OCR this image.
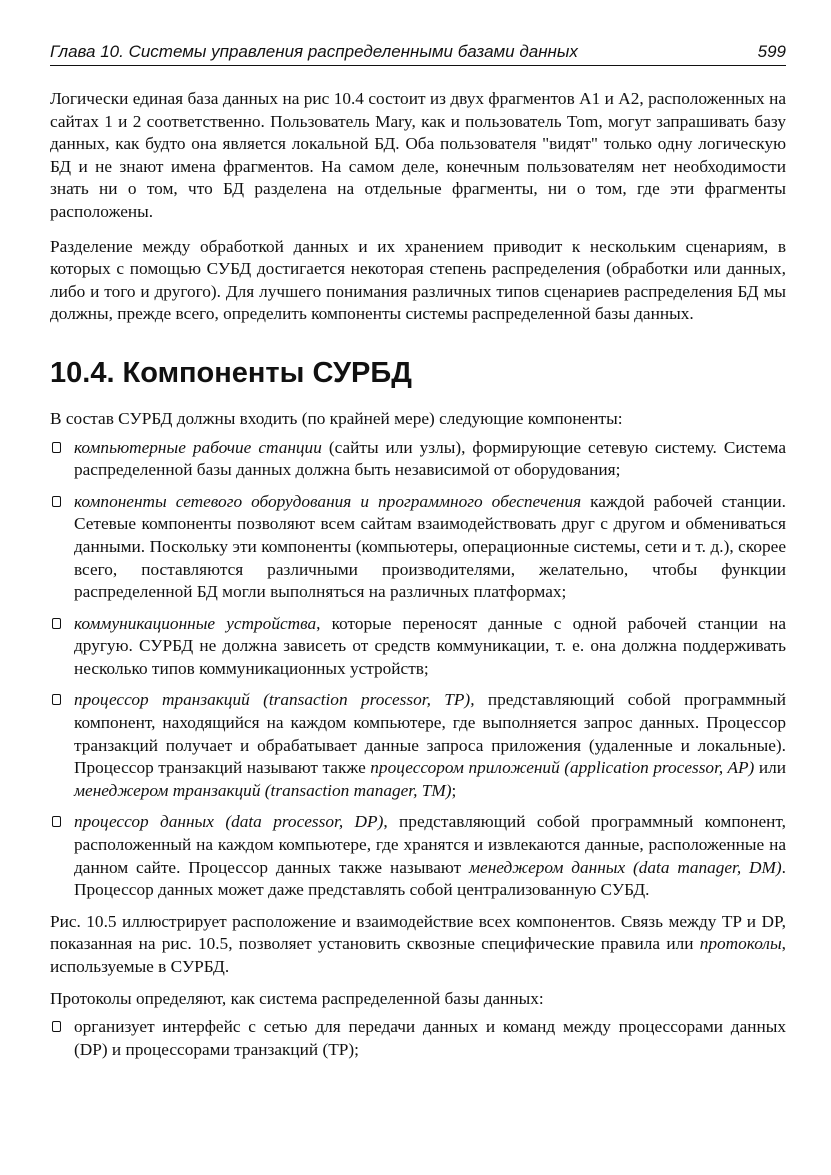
Глава 10. Системы управления распределенными базами данных	599

Логически единая база данных на рис 10.4 состоит из двух фрагментов А1 и А2, расположенных на сайтах 1 и 2 соответственно. Пользователь Mary, как и пользователь Tom, могут запрашивать базу данных, как будто она является локальной БД. Оба пользователя "видят" только одну логическую БД и не знают имена фрагментов. На самом деле, конечным пользователям нет необходимости знать ни о том, что БД разделена на отдельные фрагменты, ни о том, где эти фрагменты расположены.

Разделение между обработкой данных и их хранением приводит к нескольким сценариям, в которых с помощью СУБД достигается некоторая степень распределения (обработки или данных, либо и того и другого). Для лучшего понимания различных типов сценариев распределения БД мы должны, прежде всего, определить компоненты системы распределенной базы данных.

10.4. Компоненты СУРБД

В состав СУРБД должны входить (по крайней мере) следующие компоненты:

компьютерные рабочие станции (сайты или узлы), формирующие сетевую систему. Система распределенной базы данных должна быть независимой от оборудования;
компоненты сетевого оборудования и программного обеспечения каждой рабочей станции. Сетевые компоненты позволяют всем сайтам взаимодействовать друг с другом и обмениваться данными. Поскольку эти компоненты (компьютеры, операционные системы, сети и т. д.), скорее всего, поставляются различными производителями, желательно, чтобы функции распределенной БД могли выполняться на различных платформах;
коммуникационные устройства, которые переносят данные с одной рабочей станции на другую. СУРБД не должна зависеть от средств коммуникации, т. е. она должна поддерживать несколько типов коммуникационных устройств;
процессор транзакций (transaction processor, TP), представляющий собой программный компонент, находящийся на каждом компьютере, где выполняется запрос данных. Процессор транзакций получает и обрабатывает данные запроса приложения (удаленные и локальные). Процессор транзакций называют также процессором приложений (application processor, AP) или менеджером транзакций (transaction manager, TM);
процессор данных (data processor, DP), представляющий собой программный компонент, расположенный на каждом компьютере, где хранятся и извлекаются данные, расположенные на данном сайте. Процессор данных также называют менеджером данных (data manager, DM). Процессор данных может даже представлять собой централизованную СУБД.

Рис. 10.5 иллюстрирует расположение и взаимодействие всех компонентов. Связь между TP и DP, показанная на рис. 10.5, позволяет установить сквозные специфические правила или протоколы, используемые в СУРБД.

Протоколы определяют, как система распределенной базы данных:

организует интерфейс с сетью для передачи данных и команд между процессорами данных (DP) и процессорами транзакций (TP);
